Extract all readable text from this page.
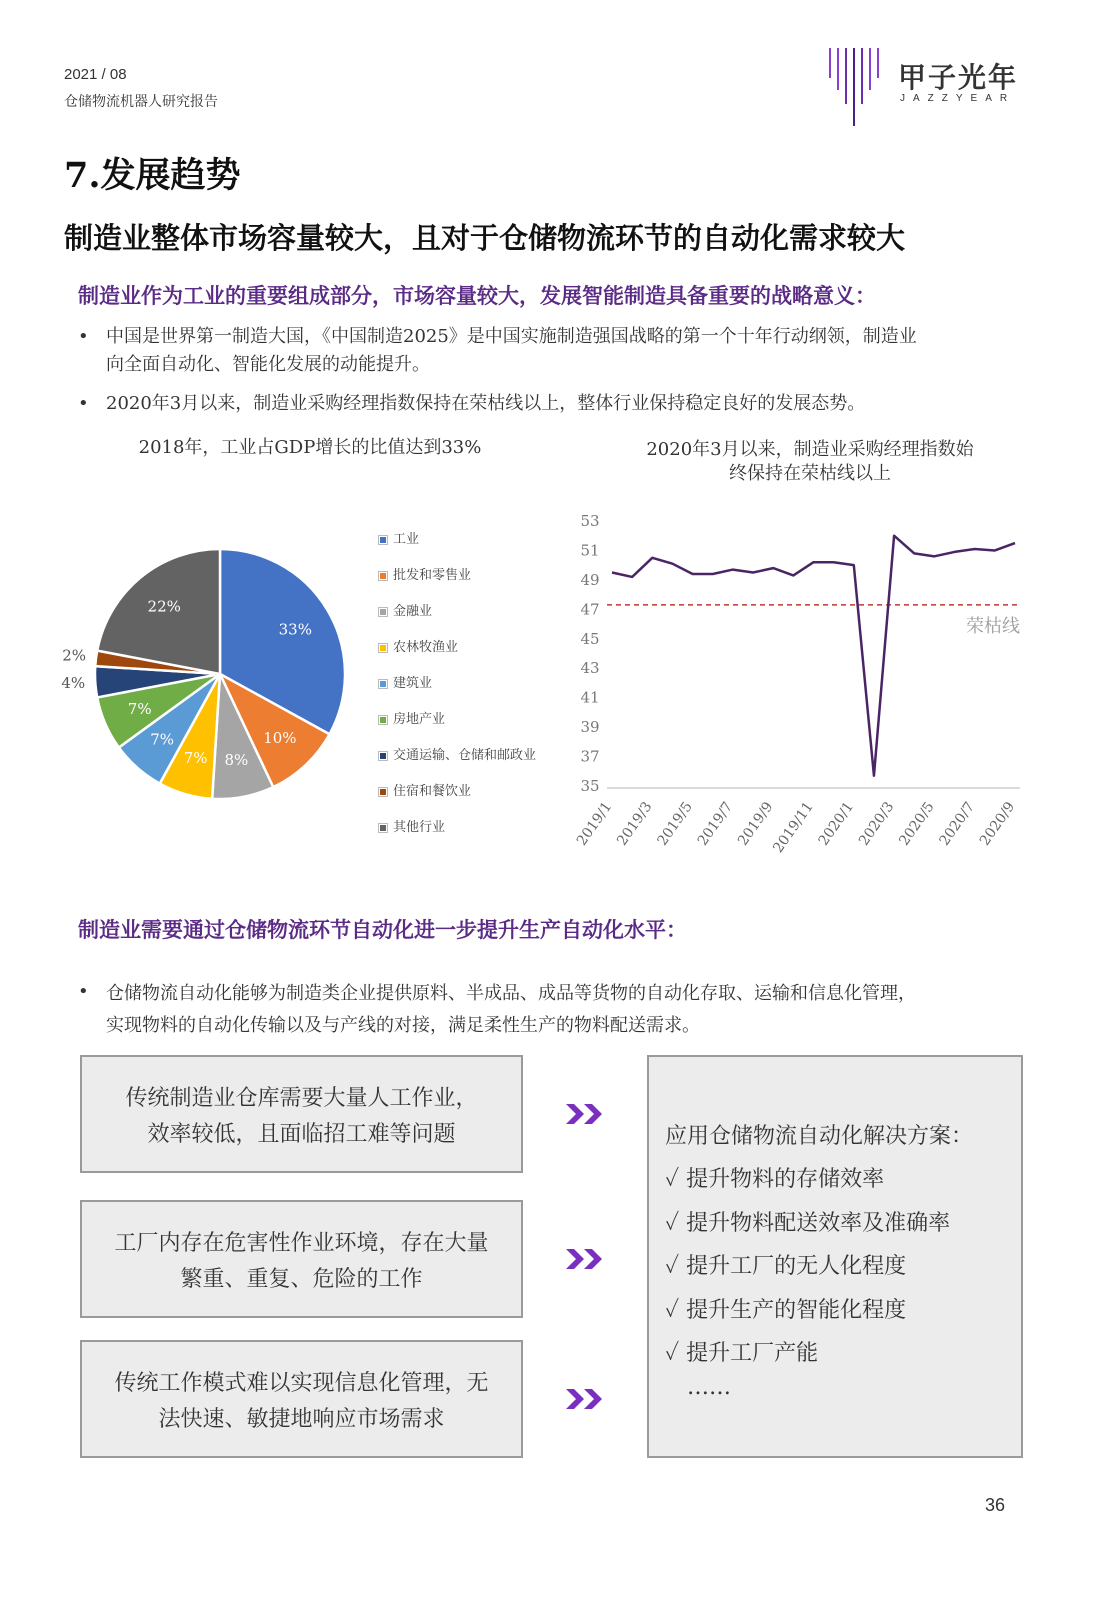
2021 / 08
仓储物流机器人研究报告
甲子光年
JAZZYEAR
7.发展趋势
制造业整体市场容量较大，且对于仓储物流环节的自动化需求较大
制造业作为工业的重要组成部分，市场容量较大，发展智能制造具备重要的战略意义：
• 中国是世界第一制造大国，《中国制造2025》是中国实施制造强国战略的第一个十年行动纲领，制造业
向全面自动化、智能化发展的动能提升。
• 2020年3月以来，制造业采购经理指数保持在荣枯线以上，整体行业保持稳定良好的发展态势。
2018年，工业占GDP增长的比值达到33%
33%
10%
8%
7%
7%
7%
4%
2%
22%
工业
批发和零售业
金融业
农林牧渔业
建筑业
房地产业
交通运输、仓储和邮政业
住宿和餐饮业
其他行业
2020年3月以来，制造业采购经理指数始
终保持在荣枯线以上
53
51
49
47
45
43
41
39
37
35
荣枯线
2019/1
2019/3
2019/5
2019/7
2019/9
2019/11
2020/1
2020/3
2020/5
2020/7
2020/9
制造业需要通过仓储物流环节自动化进一步提升生产自动化水平：
• 仓储物流自动化能够为制造类企业提供原料、半成品、成品等货物的自动化存取、运输和信息化管理，
实现物料的自动化传输以及与产线的对接，满足柔性生产的物料配送需求。
传统制造业仓库需要大量人工作业，
效率较低，且面临招工难等问题
工厂内存在危害性作业环境，存在大量
繁重、重复、危险的工作
传统工作模式难以实现信息化管理，无
法快速、敏捷地响应市场需求
应用仓储物流自动化解决方案：
✓ 提升物料的存储效率
✓ 提升物料配送效率及准确率
✓ 提升工厂的无人化程度
✓ 提升生产的智能化程度
✓ 提升工厂产能
……
36
